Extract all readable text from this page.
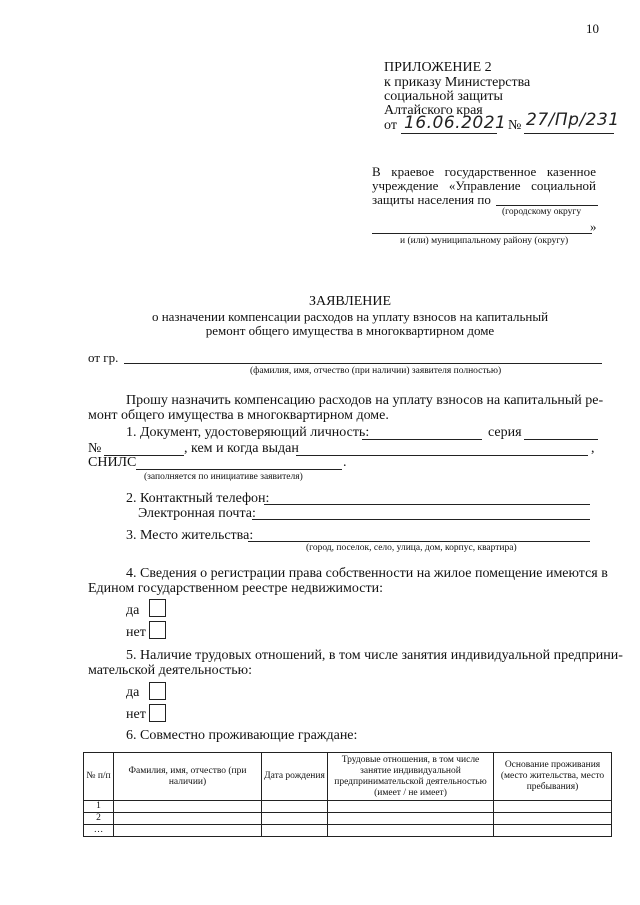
10
ПРИЛОЖЕНИЕ 2
к приказу Министерства
социальной защиты
Алтайского края
от 16.06.2021 № 27/Пр/231
В краевое государственное казенное
учреждение «Управление социальной
защиты населения по
(городскому округу
»
и (или) муниципальному району (округу)
ЗАЯВЛЕНИЕ
о назначении компенсации расходов на уплату взносов на капитальный
ремонт общего имущества в многоквартирном доме
от гр.
(фамилия, имя, отчество (при наличии) заявителя полностью)
Прошу назначить компенсацию расходов на уплату взносов на капитальный ре-
монт общего имущества в многоквартирном доме.
1. Документ, удостоверяющий личность:	серия
№	, кем и когда выдан	,
СНИЛС	.
(заполняется по инициативе заявителя)
2. Контактный телефон:
Электронная почта:
3. Место жительства:
(город, поселок, село, улица, дом, корпус, квартира)
4. Сведения о регистрации права собственности на жилое помещение имеются в
Едином государственном реестре недвижимости:
да
нет
5. Наличие трудовых отношений, в том числе занятия индивидуальной предприни-
мательской деятельностью:
да
нет
6. Совместно проживающие граждане:
№ п/п	Фамилия, имя, отчество (при наличии)	Дата рождения	Трудовые отношения, в том числе занятие индивидуальной предпринимательской деятельностью (имеет / не имеет)	Основание проживания (место жительства, место пребывания)
1				
2				
…				
